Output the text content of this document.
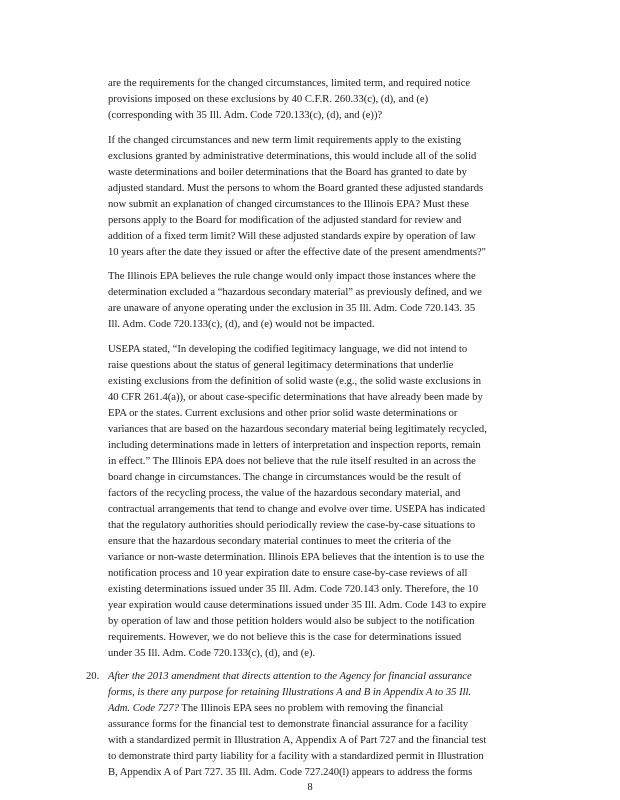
are the requirements for the changed circumstances, limited term, and required notice
provisions imposed on these exclusions by 40 C.F.R. 260.33(c), (d), and (e)
(corresponding with 35 Ill. Adm. Code 720.133(c), (d), and (e))?
If the changed circumstances and new term limit requirements apply to the existing
exclusions granted by administrative determinations, this would include all of the solid
waste determinations and boiler determinations that the Board has granted to date by
adjusted standard. Must the persons to whom the Board granted these adjusted standards
now submit an explanation of changed circumstances to the Illinois EPA? Must these
persons apply to the Board for modification of the adjusted standard for review and
addition of a fixed term limit? Will these adjusted standards expire by operation of law
10 years after the date they issued or after the effective date of the present amendments?"
The Illinois EPA believes the rule change would only impact those instances where the
determination excluded a “hazardous secondary material” as previously defined, and we
are unaware of anyone operating under the exclusion in 35 Ill. Adm. Code 720.143. 35
Ill. Adm. Code 720.133(c), (d), and (e) would not be impacted.
USEPA stated, “In developing the codified legitimacy language, we did not intend to
raise questions about the status of general legitimacy determinations that underlie
existing exclusions from the definition of solid waste (e.g., the solid waste exclusions in
40 CFR 261.4(a)), or about case-specific determinations that have already been made by
EPA or the states. Current exclusions and other prior solid waste determinations or
variances that are based on the hazardous secondary material being legitimately recycled,
including determinations made in letters of interpretation and inspection reports, remain
in effect.” The Illinois EPA does not believe that the rule itself resulted in an across the
board change in circumstances. The change in circumstances would be the result of
factors of the recycling process, the value of the hazardous secondary material, and
contractual arrangements that tend to change and evolve over time. USEPA has indicated
that the regulatory authorities should periodically review the case-by-case situations to
ensure that the hazardous secondary material continues to meet the criteria of the
variance or non-waste determination. Illinois EPA believes that the intention is to use the
notification process and 10 year expiration date to ensure case-by-case reviews of all
existing determinations issued under 35 Ill. Adm. Code 720.143 only. Therefore, the 10
year expiration would cause determinations issued under 35 Ill. Adm. Code 143 to expire
by operation of law and those petition holders would also be subject to the notification
requirements. However, we do not believe this is the case for determinations issued
under 35 Ill. Adm. Code 720.133(c), (d), and (e).
20. After the 2013 amendment that directs attention to the Agency for financial assurance
forms, is there any purpose for retaining Illustrations A and B in Appendix A to 35 Ill.
Adm. Code 727? The Illinois EPA sees no problem with removing the financial
assurance forms for the financial test to demonstrate financial assurance for a facility
with a standardized permit in Illustration A, Appendix A of Part 727 and the financial test
to demonstrate third party liability for a facility with a standardized permit in Illustration
B, Appendix A of Part 727. 35 Ill. Adm. Code 727.240(l) appears to address the forms
8
